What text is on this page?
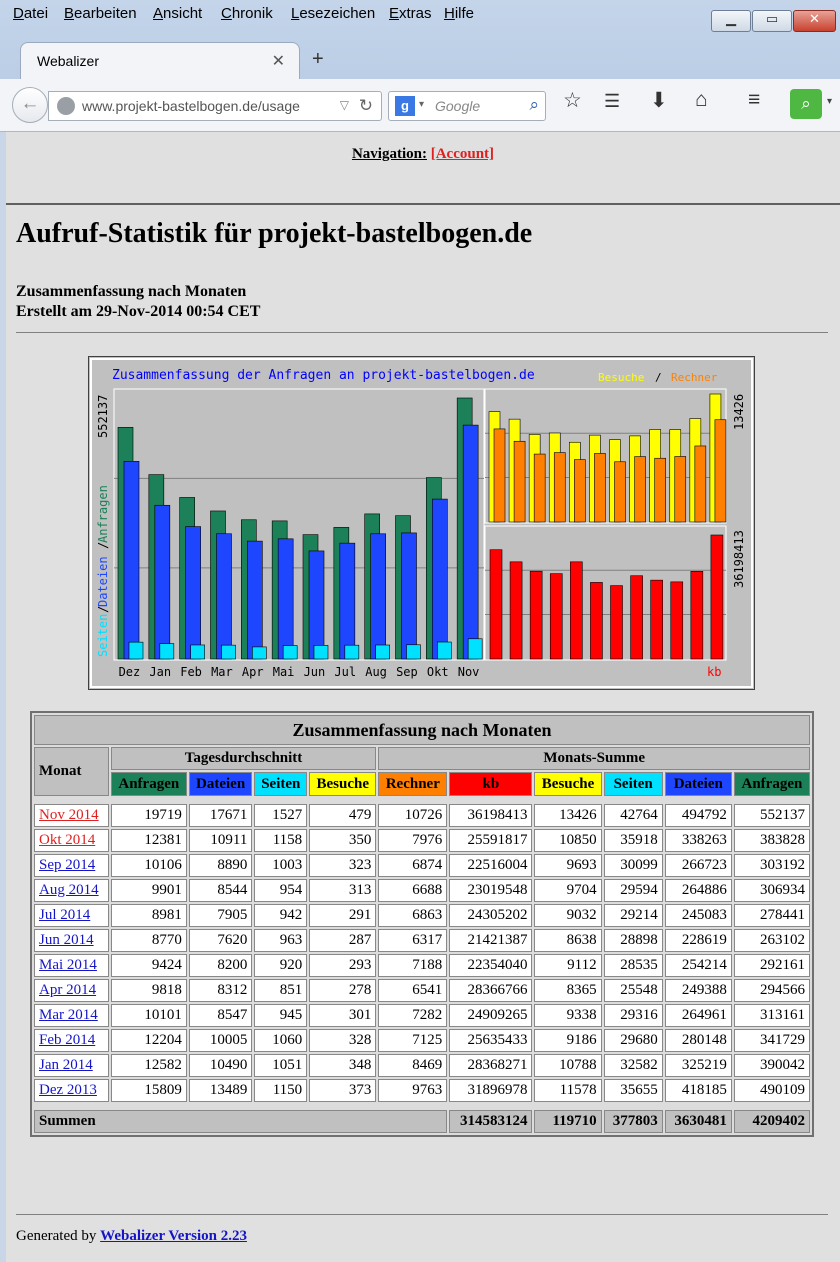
Datei Bearbeiten Ansicht Chronik Lesezeichen Extras Hilfe	▁	▭	✕
Webalizer	✕ +
←	www.projekt-bastelbogen.de/usage	▽ ↻	g	▾ Google	⌕ ☆ ☰ ⬇ ⌂ ≡	⌕	▾
Navigation: [Account]
Aufruf-Statistik für projekt-bastelbogen.de
Zusammenfassung nach Monaten
Erstellt am 29-Nov-2014 00:54 CET
Zusammenfassung der Anfragen an projekt-bastelbogen.de	Besuche / Rechner
Dez Jan Feb Mar Apr Mai Jun Jul Aug Sep Okt Nov
552137	13426
36198413
Seiten
/
Dateien
/
Anfragen
kb
Zusammenfassung nach Monaten										
Monat	Tagesdurchschnitt				Monats-Summe					
	Anfragen	Dateien	Seiten	Besuche	Rechner	kb	Besuche	Seiten	Dateien	Anfragen

Nov 2014	19719	17671	1527	479	10726	36198413	13426	42764	494792	552137
Okt 2014	12381	10911	1158	350	7976	25591817	10850	35918	338263	383828
Sep 2014	10106	8890	1003	323	6874	22516004	9693	30099	266723	303192
Aug 2014	9901	8544	954	313	6688	23019548	9704	29594	264886	306934
Jul 2014	8981	7905	942	291	6863	24305202	9032	29214	245083	278441
Jun 2014	8770	7620	963	287	6317	21421387	8638	28898	228619	263102
Mai 2014	9424	8200	920	293	7188	22354040	9112	28535	254214	292161
Apr 2014	9818	8312	851	278	6541	28366766	8365	25548	249388	294566
Mar 2014	10101	8547	945	301	7282	24909265	9338	29316	264961	313161
Feb 2014	12204	10005	1060	328	7125	25635433	9186	29680	280148	341729
Jan 2014	12582	10490	1051	348	8469	28368271	10788	32582	325219	390042
Dez 2013	15809	13489	1150	373	9763	31896978	11578	35655	418185	490109

Summen						314583124	119710	377803	3630481	4209402
Generated by Webalizer Version 2.23
